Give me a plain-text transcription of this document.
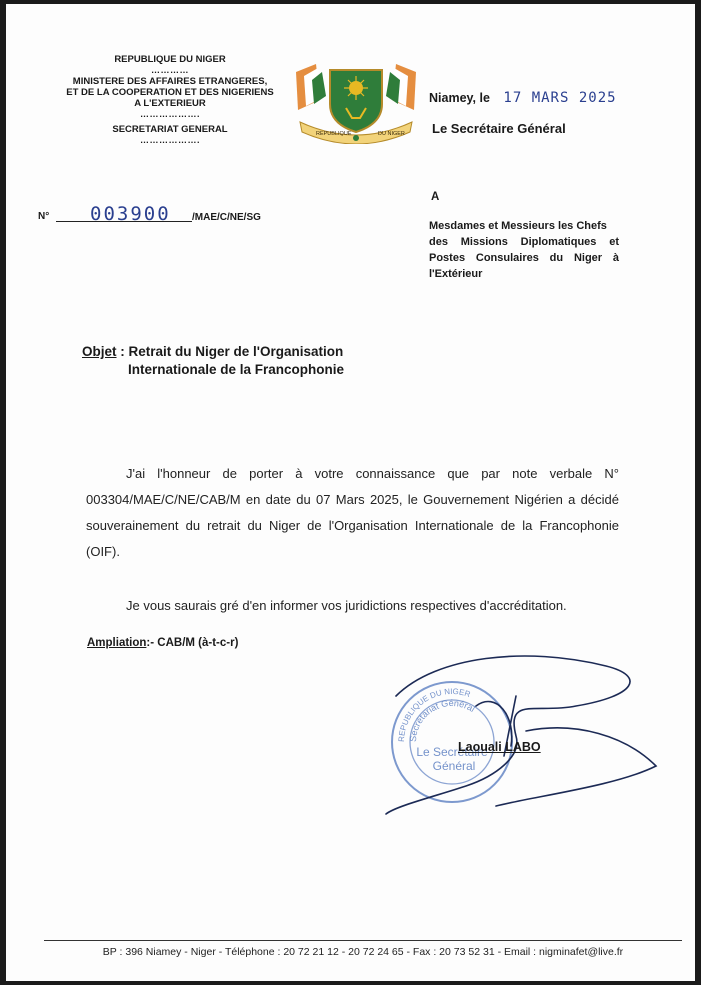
REPUBLIQUE DU NIGER
…………
MINISTERE DES AFFAIRES ETRANGERES,
ET DE LA COOPERATION ET DES NIGERIENS
A L'EXTERIEUR
……………….
SECRETARIAT GENERAL
……………….
REPUBLIQUE	DU NIGER
Niamey, le 17 MARS 2025
Le Secrétaire Général
N° 003900 /MAE/C/NE/SG
A
Mesdames et Messieurs les Chefs
des Missions Diplomatiques et
Postes Consulaires du Niger à
l'Extérieur
Objet : Retrait du Niger de l'Organisation
Internationale de la Francophonie
J'ai l'honneur de porter à votre connaissance que par note verbale N° 003304/MAE/C/NE/CAB/M en date du 07 Mars 2025, le Gouvernement Nigérien a décidé souverainement du retrait du Niger de l'Organisation Internationale de la Francophonie (OIF).
Je vous saurais gré d'en informer vos juridictions respectives d'accréditation.
Ampliation:- CAB/M (à-t-c-r)
REPUBLIQUE DU NIGER
Secrétariat Général
Le Secrétaire
Général
Laouali LABO
BP : 396 Niamey - Niger - Téléphone : 20 72 21 12 - 20 72 24 65 - Fax : 20 73 52 31 - Email : nigminafet@live.fr
